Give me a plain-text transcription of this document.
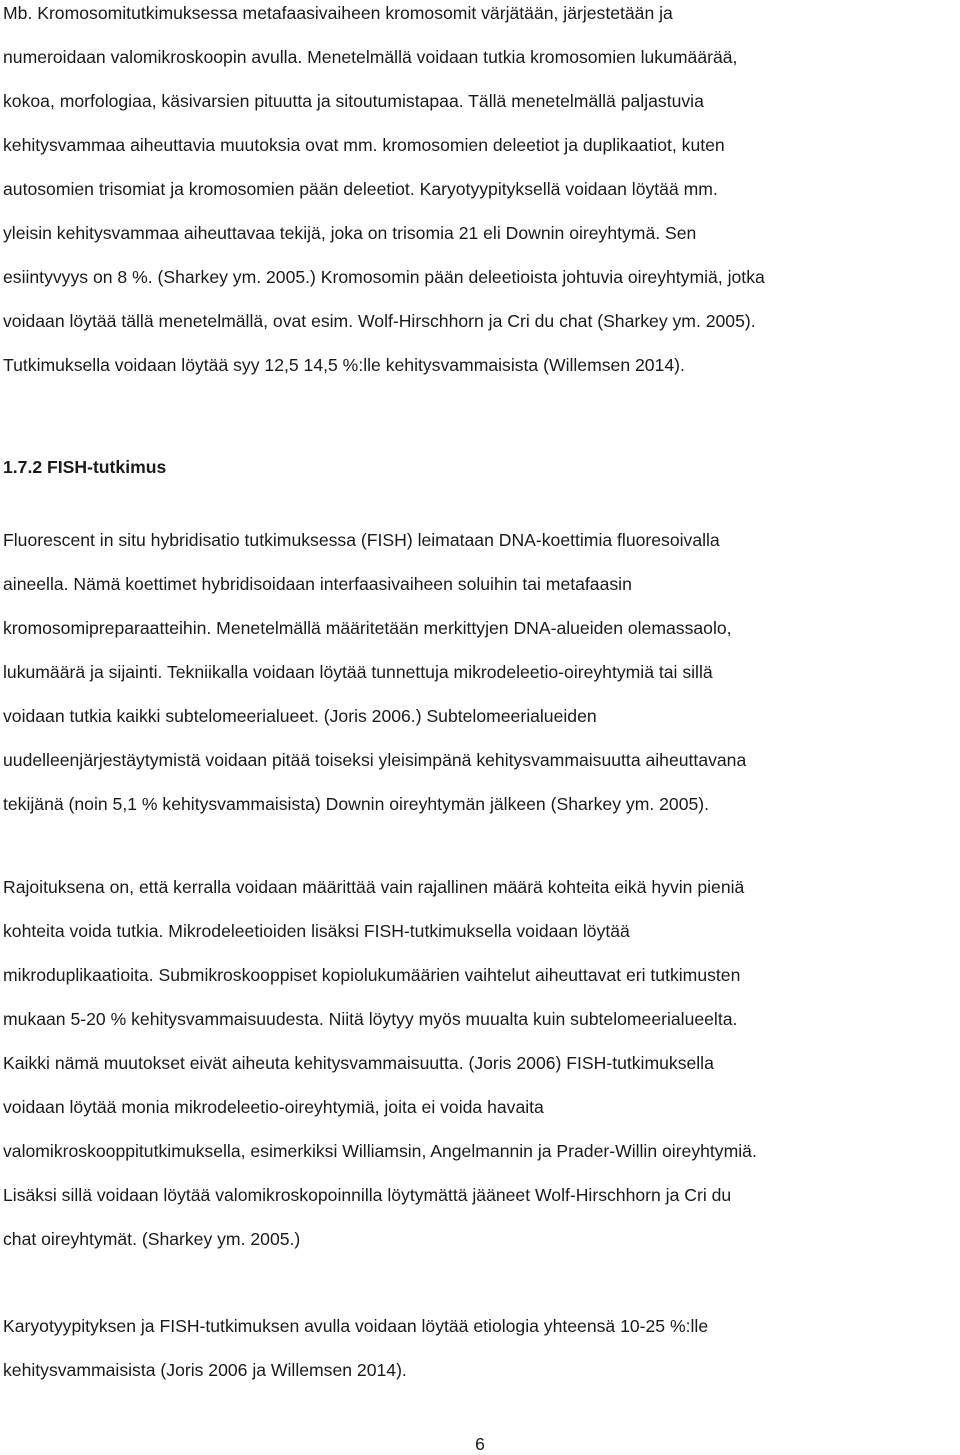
Mb. Kromosomitutkimuksessa metafaasivaiheen kromosomit värjätään, järjestetään ja
numeroidaan valomikroskoopin avulla. Menetelmällä voidaan tutkia kromosomien lukumäärää,
kokoa, morfologiaa, käsivarsien pituutta ja sitoutumistapaa. Tällä menetelmällä paljastuvia
kehitysvammaa aiheuttavia muutoksia ovat mm. kromosomien deleetiot ja duplikaatiot, kuten
autosomien trisomiat ja kromosomien pään deleetiot. Karyotyypityksellä voidaan löytää mm.
yleisin kehitysvammaa aiheuttavaa tekijä, joka on trisomia 21 eli Downin oireyhtymä. Sen
esiintyvyys on 8 %. (Sharkey ym. 2005.) Kromosomin pään deleetioista johtuvia oireyhtymiä, jotka
voidaan löytää tällä menetelmällä, ovat esim. Wolf-Hirschhorn ja Cri du chat (Sharkey ym. 2005).
Tutkimuksella voidaan löytää syy 12,5 14,5 %:lle kehitysvammaisista (Willemsen 2014).
1.7.2 FISH-tutkimus
Fluorescent in situ hybridisatio tutkimuksessa (FISH) leimataan DNA-koettimia fluoresoivalla
aineella. Nämä koettimet hybridisoidaan interfaasivaiheen soluihin tai metafaasin
kromosomipreparaatteihin. Menetelmällä määritetään merkittyjen DNA-alueiden olemassaolo,
lukumäärä ja sijainti. Tekniikalla voidaan löytää tunnettuja mikrodeleetio-oireyhtymiä tai sillä
voidaan tutkia kaikki subtelomeerialueet. (Joris 2006.) Subtelomeerialueiden
uudelleenjärjestäytymistä voidaan pitää toiseksi yleisimpänä kehitysvammaisuutta aiheuttavana
tekijänä (noin 5,1 % kehitysvammaisista) Downin oireyhtymän jälkeen (Sharkey ym. 2005).
Rajoituksena on, että kerralla voidaan määrittää vain rajallinen määrä kohteita eikä hyvin pieniä
kohteita voida tutkia. Mikrodeleetioiden lisäksi FISH-tutkimuksella voidaan löytää
mikroduplikaatioita. Submikroskooppiset kopiolukumäärien vaihtelut aiheuttavat eri tutkimusten
mukaan 5-20 % kehitysvammaisuudesta. Niitä löytyy myös muualta kuin subtelomeerialueelta.
Kaikki nämä muutokset eivät aiheuta kehitysvammaisuutta. (Joris 2006) FISH-tutkimuksella
voidaan löytää monia mikrodeleetio-oireyhtymiä, joita ei voida havaita
valomikroskooppitutkimuksella, esimerkiksi Williamsin, Angelmannin ja Prader-Willin oireyhtymiä.
Lisäksi sillä voidaan löytää valomikroskopoinnilla löytymättä jääneet Wolf-Hirschhorn ja Cri du
chat oireyhtymät. (Sharkey ym. 2005.)
Karyotyypityksen ja FISH-tutkimuksen avulla voidaan löytää etiologia yhteensä 10-25 %:lle
kehitysvammaisista (Joris 2006 ja Willemsen 2014).
6
